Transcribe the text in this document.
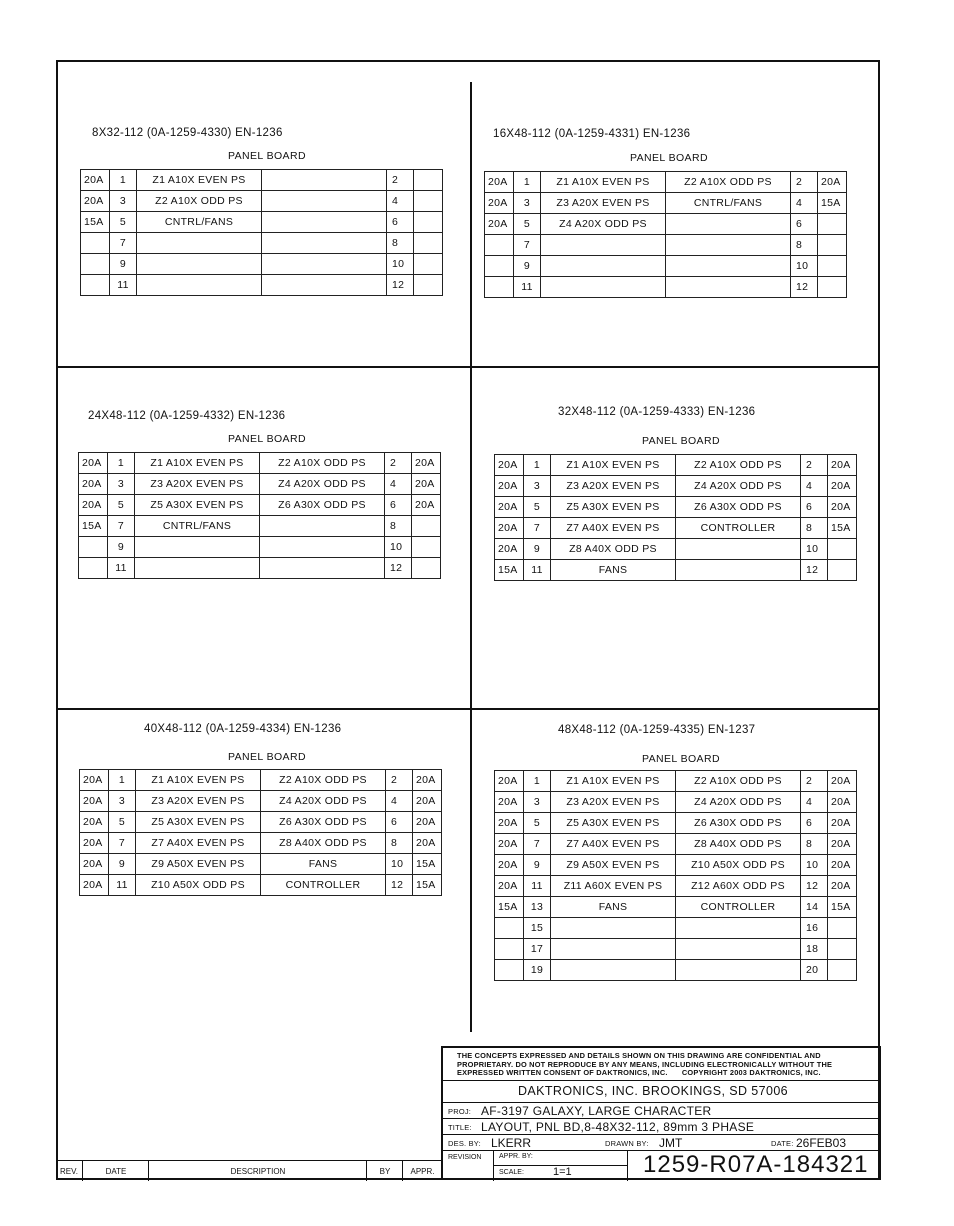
8X32-112 (0A-1259-4330) EN-1236
PANEL BOARD
20A	1	Z1 A10X EVEN PS		2	
20A	3	Z2 A10X ODD PS		4	
15A	5	CNTRL/FANS		6	
	7			8	
	9			10	
	11			12	
16X48-112 (0A-1259-4331) EN-1236
PANEL BOARD
20A	1	Z1 A10X EVEN PS	Z2 A10X ODD PS	2	20A
20A	3	Z3 A20X EVEN PS	CNTRL/FANS	4	15A
20A	5	Z4 A20X ODD PS		6	
	7			8	
	9			10	
	11			12	
24X48-112 (0A-1259-4332) EN-1236
PANEL BOARD
20A	1	Z1 A10X EVEN PS	Z2 A10X ODD PS	2	20A
20A	3	Z3 A20X EVEN PS	Z4 A20X ODD PS	4	20A
20A	5	Z5 A30X EVEN PS	Z6 A30X ODD PS	6	20A
15A	7	CNTRL/FANS		8	
	9			10	
	11			12	
32X48-112 (0A-1259-4333) EN-1236
PANEL BOARD
20A	1	Z1 A10X EVEN PS	Z2 A10X ODD PS	2	20A
20A	3	Z3 A20X EVEN PS	Z4 A20X ODD PS	4	20A
20A	5	Z5 A30X EVEN PS	Z6 A30X ODD PS	6	20A
20A	7	Z7 A40X EVEN PS	CONTROLLER	8	15A
20A	9	Z8 A40X ODD PS		10	
15A	11	FANS		12	
40X48-112 (0A-1259-4334) EN-1236
PANEL BOARD
20A	1	Z1 A10X EVEN PS	Z2 A10X ODD PS	2	20A
20A	3	Z3 A20X EVEN PS	Z4 A20X ODD PS	4	20A
20A	5	Z5 A30X EVEN PS	Z6 A30X ODD PS	6	20A
20A	7	Z7 A40X EVEN PS	Z8 A40X ODD PS	8	20A
20A	9	Z9 A50X EVEN PS	FANS	10	15A
20A	11	Z10 A50X ODD PS	CONTROLLER	12	15A
48X48-112 (0A-1259-4335) EN-1237
PANEL BOARD
20A	1	Z1 A10X EVEN PS	Z2 A10X ODD PS	2	20A
20A	3	Z3 A20X EVEN PS	Z4 A20X ODD PS	4	20A
20A	5	Z5 A30X EVEN PS	Z6 A30X ODD PS	6	20A
20A	7	Z7 A40X EVEN PS	Z8 A40X ODD PS	8	20A
20A	9	Z9 A50X EVEN PS	Z10 A50X ODD PS	10	20A
20A	11	Z11 A60X EVEN PS	Z12 A60X ODD PS	12	20A
15A	13	FANS	CONTROLLER	14	15A
	15			16	
	17			18	
	19			20	
THE CONCEPTS EXPRESSED AND DETAILS SHOWN ON THIS DRAWING ARE CONFIDENTIAL AND PROPRIETARY. DO NOT REPRODUCE BY ANY MEANS, INCLUDING ELECTRONICALLY WITHOUT THE EXPRESSED WRITTEN CONSENT OF DAKTRONICS, INC. COPYRIGHT 2003 DAKTRONICS, INC.
DAKTRONICS, INC. BROOKINGS, SD 57006
PROJ: AF-3197 GALAXY, LARGE CHARACTER
TITLE: LAYOUT, PNL BD,8-48X32-112, 89mm 3 PHASE
DES. BY: LKERR	DRAWN BY: JMT	DATE: 26FEB03
REVISION	APPR. BY:
SCALE:	1=1	1259-R07A-184321
REV.	DATE	DESCRIPTION	BY	APPR.
